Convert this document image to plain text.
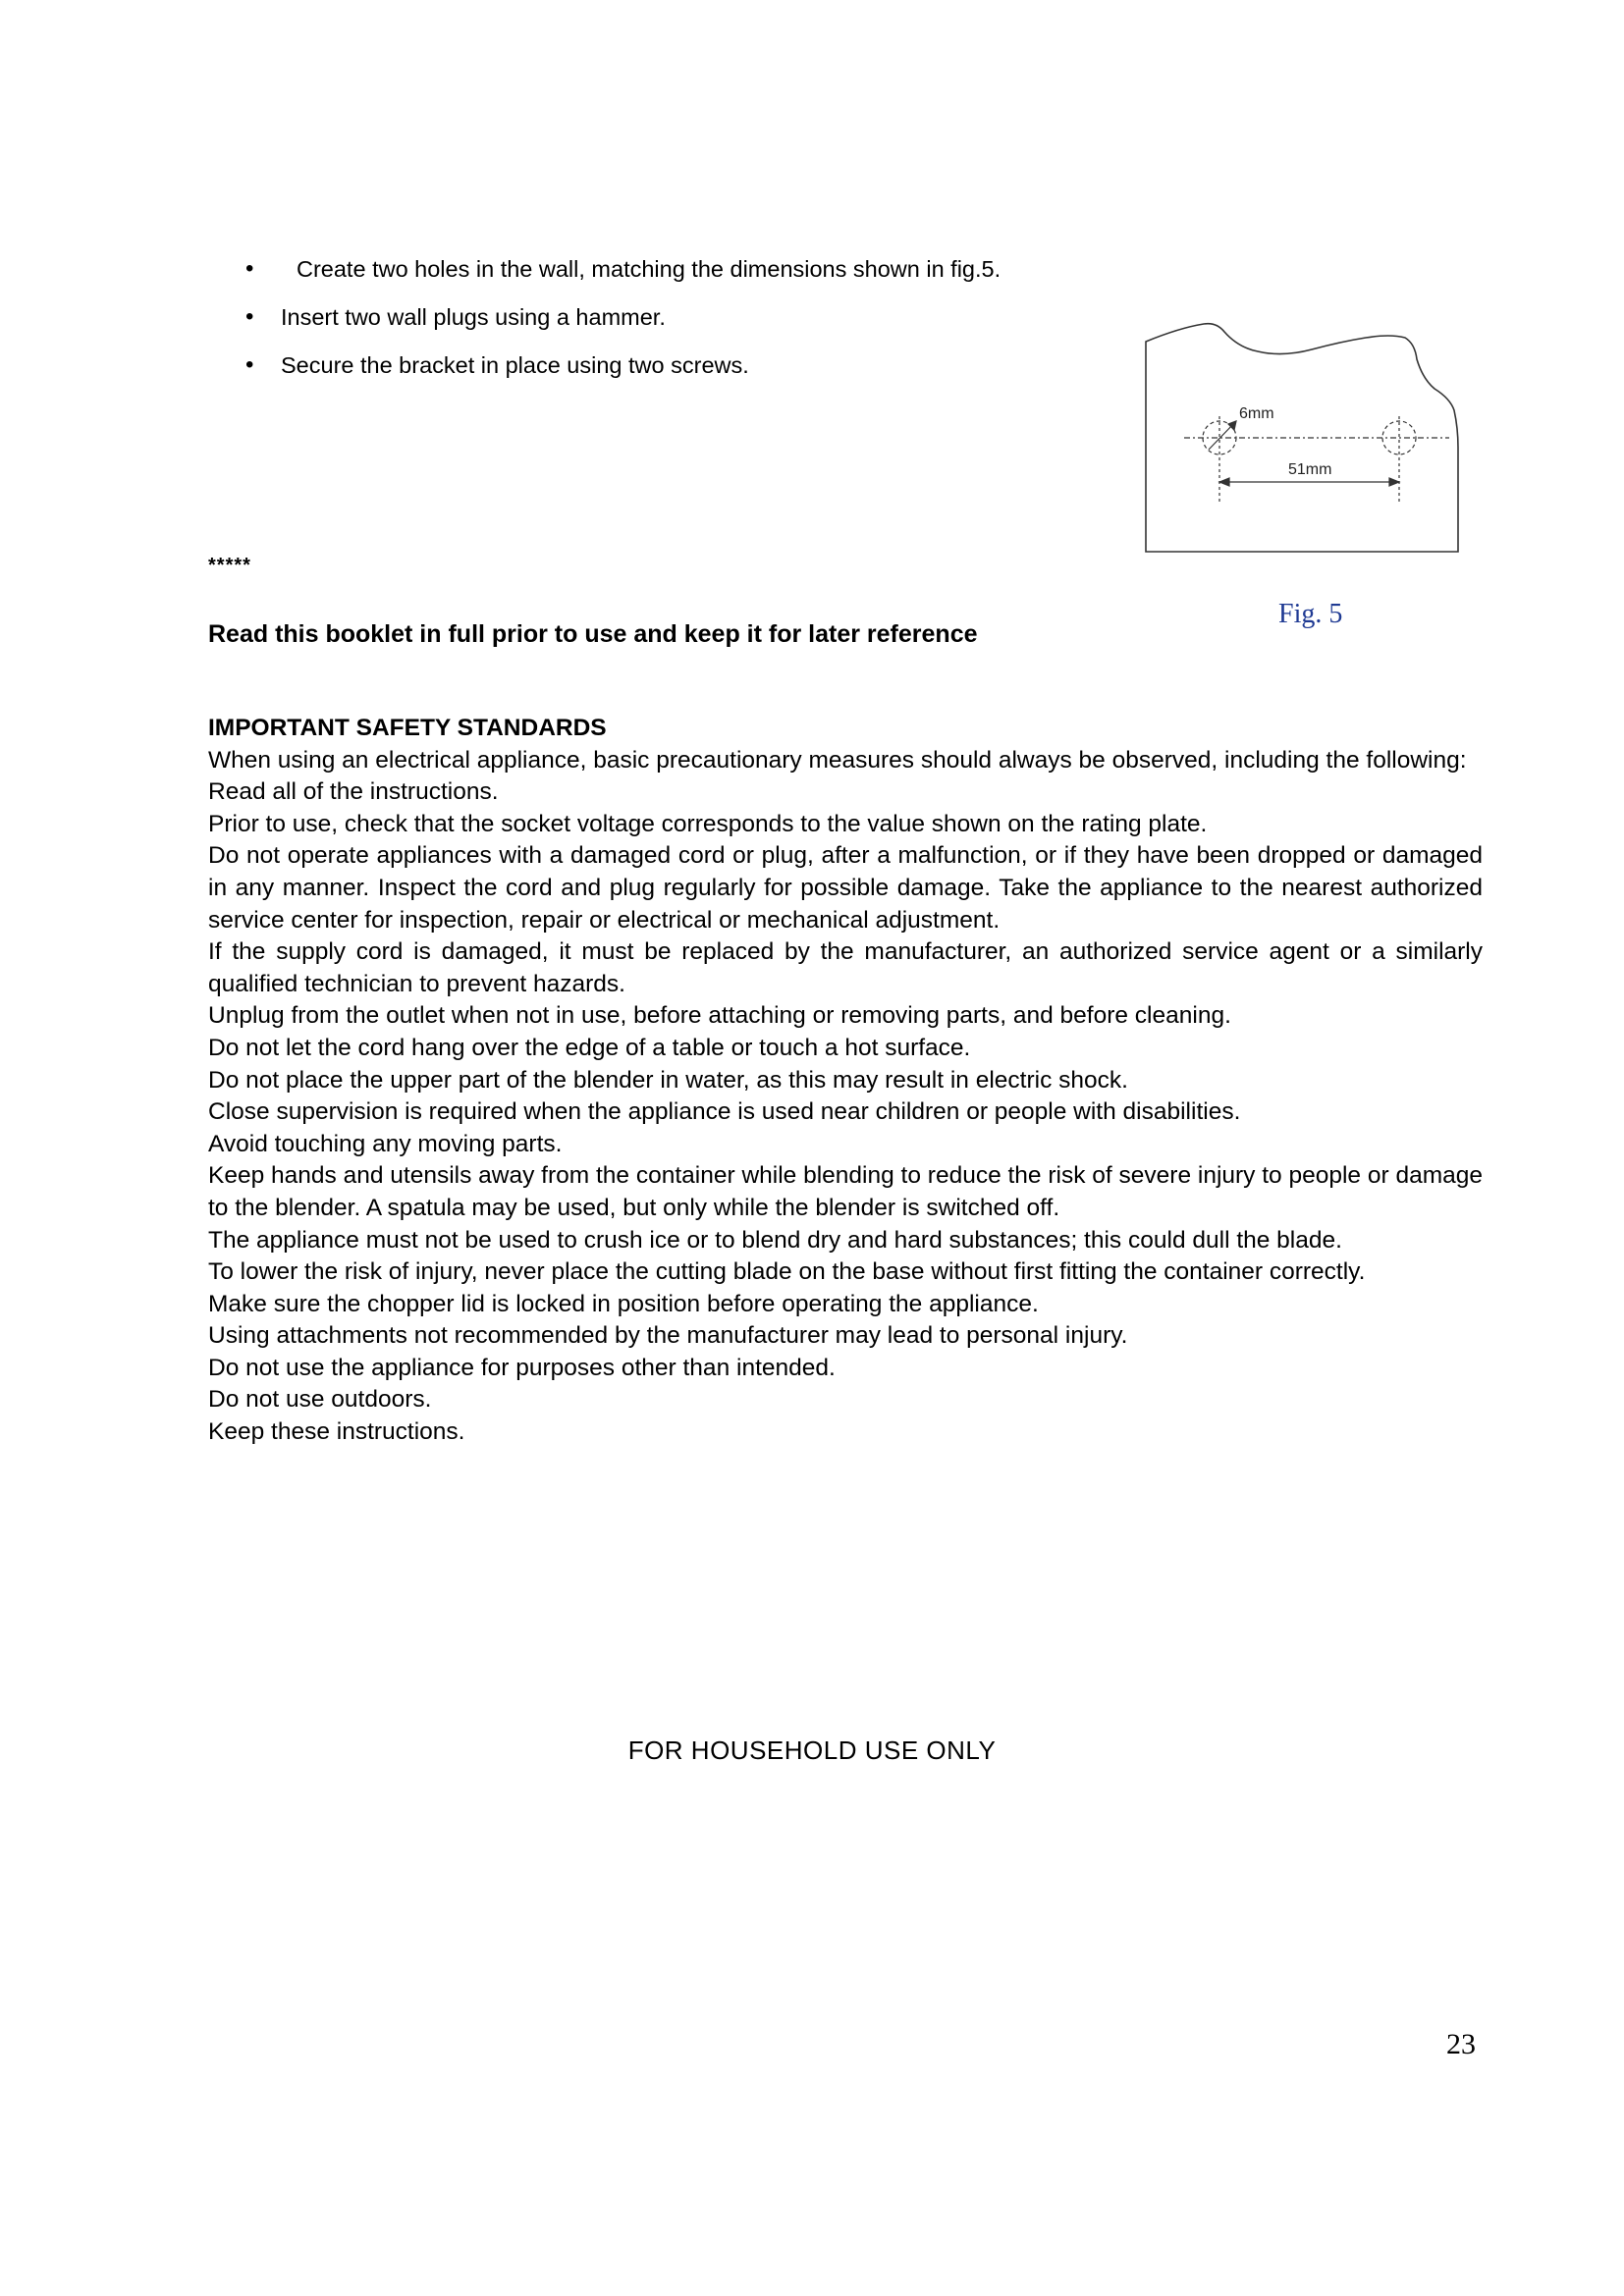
• Create two holes in the wall, matching the dimensions shown in fig.5.
• Insert two wall plugs using a hammer.
• Secure the bracket in place using two screws.
6mm
51mm
Fig. 5
*****
Read this booklet in full prior to use and keep it for later reference

IMPORTANT SAFETY STANDARDS

When using an electrical appliance, basic precautionary measures should always be observed, including the following:

Read all of the instructions.

Prior to use, check that the socket voltage corresponds to the value shown on the rating plate.

Do not operate appliances with a damaged cord or plug, after a malfunction, or if they have been dropped or damaged in any manner. Inspect the cord and plug regularly for possible damage. Take the appliance to the nearest authorized service center for inspection, repair or electrical or mechanical adjustment.

If the supply cord is damaged, it must be replaced by the manufacturer, an authorized service agent or a similarly qualified technician to prevent hazards.

Unplug from the outlet when not in use, before attaching or removing parts, and before cleaning.

Do not let the cord hang over the edge of a table or touch a hot surface.

Do not place the upper part of the blender in water, as this may result in electric shock.

Close supervision is required when the appliance is used near children or people with disabilities.

Avoid touching any moving parts.

Keep hands and utensils away from the container while blending to reduce the risk of severe injury to people or damage to the blender. A spatula may be used, but only while the blender is switched off.

The appliance must not be used to crush ice or to blend dry and hard substances; this could dull the blade.

To lower the risk of injury, never place the cutting blade on the base without first fitting the container correctly.

Make sure the chopper lid is locked in position before operating the appliance.

Using attachments not recommended by the manufacturer may lead to personal injury.

Do not use the appliance for purposes other than intended.

Do not use outdoors.

Keep these instructions.

FOR HOUSEHOLD USE ONLY
23
